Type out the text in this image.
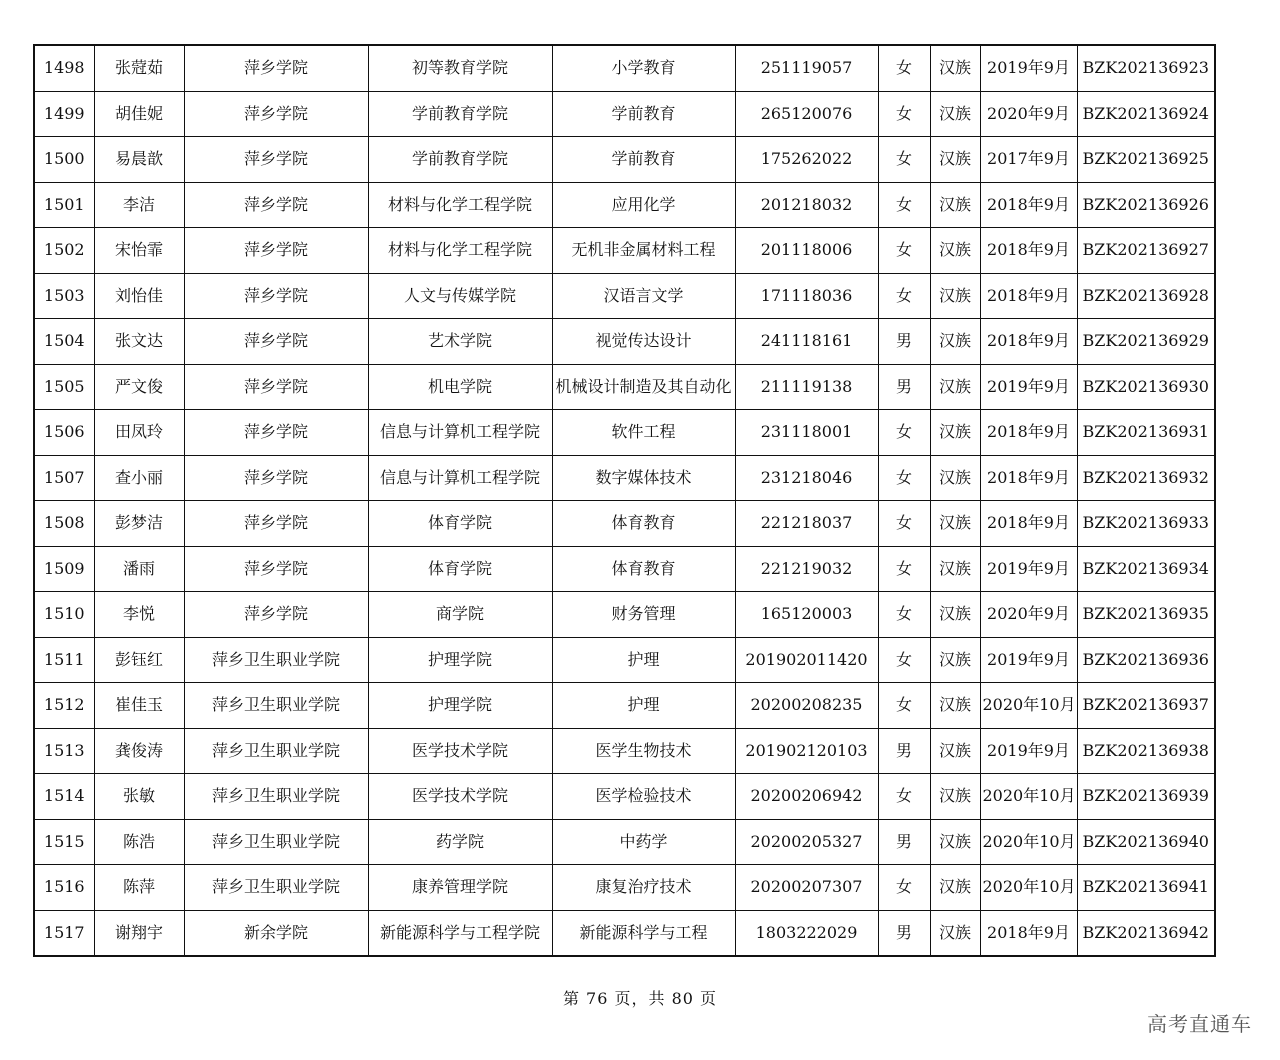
1498	张蒄茹	萍乡学院	初等教育学院	小学教育	251119057	女	汉族	2019年9月	BZK202136923
1499	胡佳妮	萍乡学院	学前教育学院	学前教育	265120076	女	汉族	2020年9月	BZK202136924
1500	易晨歆	萍乡学院	学前教育学院	学前教育	175262022	女	汉族	2017年9月	BZK202136925
1501	李洁	萍乡学院	材料与化学工程学院	应用化学	201218032	女	汉族	2018年9月	BZK202136926
1502	宋怡霏	萍乡学院	材料与化学工程学院	无机非金属材料工程	201118006	女	汉族	2018年9月	BZK202136927
1503	刘怡佳	萍乡学院	人文与传媒学院	汉语言文学	171118036	女	汉族	2018年9月	BZK202136928
1504	张文达	萍乡学院	艺术学院	视觉传达设计	241118161	男	汉族	2018年9月	BZK202136929
1505	严文俊	萍乡学院	机电学院	机械设计制造及其自动化	211119138	男	汉族	2019年9月	BZK202136930
1506	田凤玲	萍乡学院	信息与计算机工程学院	软件工程	231118001	女	汉族	2018年9月	BZK202136931
1507	查小丽	萍乡学院	信息与计算机工程学院	数字媒体技术	231218046	女	汉族	2018年9月	BZK202136932
1508	彭梦洁	萍乡学院	体育学院	体育教育	221218037	女	汉族	2018年9月	BZK202136933
1509	潘雨	萍乡学院	体育学院	体育教育	221219032	女	汉族	2019年9月	BZK202136934
1510	李悦	萍乡学院	商学院	财务管理	165120003	女	汉族	2020年9月	BZK202136935
1511	彭钰红	萍乡卫生职业学院	护理学院	护理	201902011420	女	汉族	2019年9月	BZK202136936
1512	崔佳玉	萍乡卫生职业学院	护理学院	护理	20200208235	女	汉族	2020年10月	BZK202136937
1513	龚俊涛	萍乡卫生职业学院	医学技术学院	医学生物技术	201902120103	男	汉族	2019年9月	BZK202136938
1514	张敏	萍乡卫生职业学院	医学技术学院	医学检验技术	20200206942	女	汉族	2020年10月	BZK202136939
1515	陈浩	萍乡卫生职业学院	药学院	中药学	20200205327	男	汉族	2020年10月	BZK202136940
1516	陈萍	萍乡卫生职业学院	康养管理学院	康复治疗技术	20200207307	女	汉族	2020年10月	BZK202136941
1517	谢翔宇	新余学院	新能源科学与工程学院	新能源科学与工程	1803222029	男	汉族	2018年9月	BZK202136942
第 76 页，共 80 页
高考直通车
